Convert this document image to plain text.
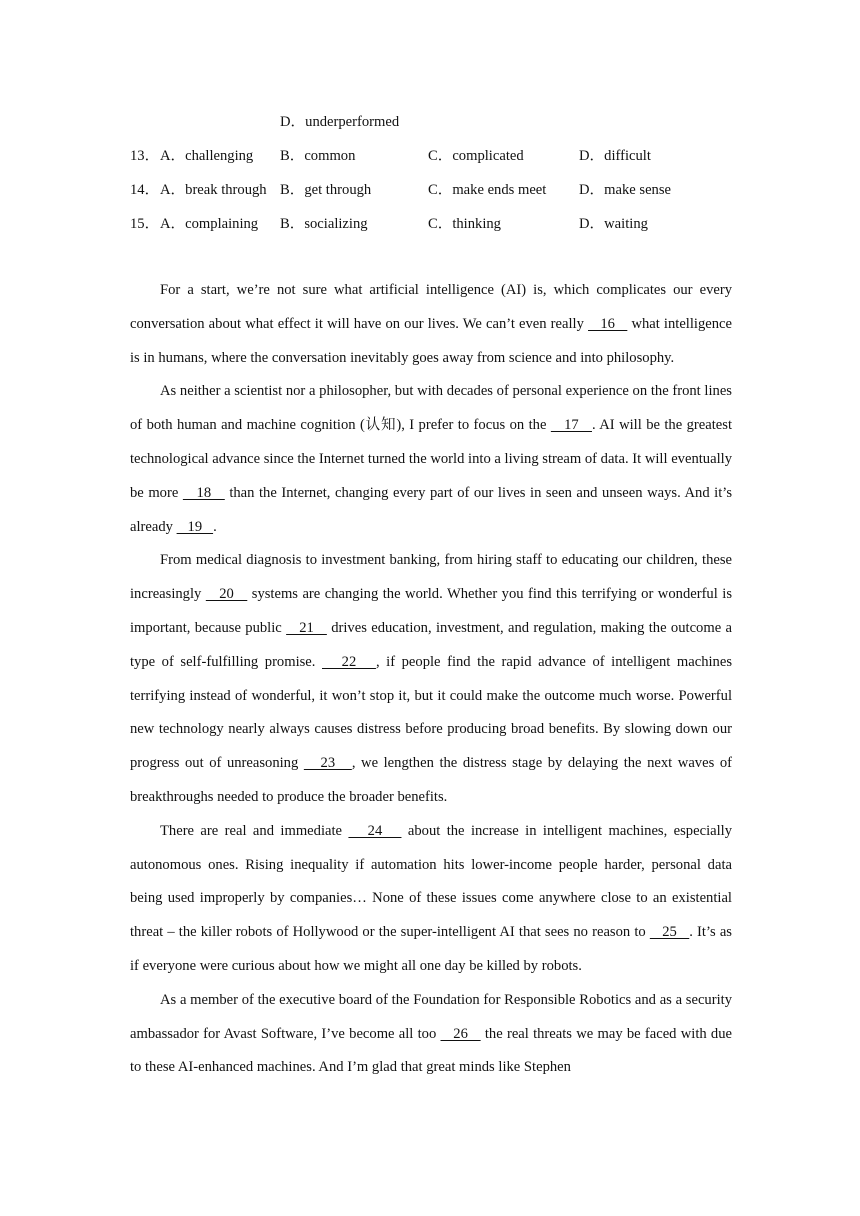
D．underperformed
13． A．challenging B．common	C．complicated	D．difficult
14． A．break through B．get through	C．make ends meet D．make sense
15． A．complaining B．socializing	C．thinking	D．waiting

For a start, we’re not sure what artificial intelligence (AI) is, which complicates our every conversation about what effect it will have on our lives. We can’t even really    16    what intelligence is in humans, where the conversation inevitably goes away from science and into philosophy.

As neither a scientist nor a philosopher, but with decades of personal experience on the front lines of both human and machine cognition (认知), I prefer to focus on the    17   . AI will be the greatest technological advance since the Internet turned the world into a living stream of data. It will eventually be more    18    than the Internet, changing every part of our lives in seen and unseen ways. And it’s already    19   .

From medical diagnosis to investment banking, from hiring staff to educating our children, these increasingly    20    systems are changing the world. Whether you find this terrifying or wonderful is important, because public    21    drives education, investment, and regulation, making the outcome a type of self-fulfilling promise.    22   , if people find the rapid advance of intelligent machines terrifying instead of wonderful, it won’t stop it, but it could make the outcome much worse. Powerful new technology nearly always causes distress before producing broad benefits. By slowing down our progress out of unreasoning    23   , we lengthen the distress stage by delaying the next waves of breakthroughs needed to produce the broader benefits.

There are real and immediate    24    about the increase in intelligent machines, especially autonomous ones. Rising inequality if automation hits lower-income people harder, personal data being used improperly by companies… None of these issues come anywhere close to an existential threat – the killer robots of Hollywood or the super-intelligent AI that sees no reason to    25   . It’s as if everyone were curious about how we might all one day be killed by robots.

As a member of the executive board of the Foundation for Responsible Robotics and as a security ambassador for Avast Software, I’ve become all too    26    the real threats we may be faced with due to these AI-enhanced machines. And I’m glad that great minds like Stephen
